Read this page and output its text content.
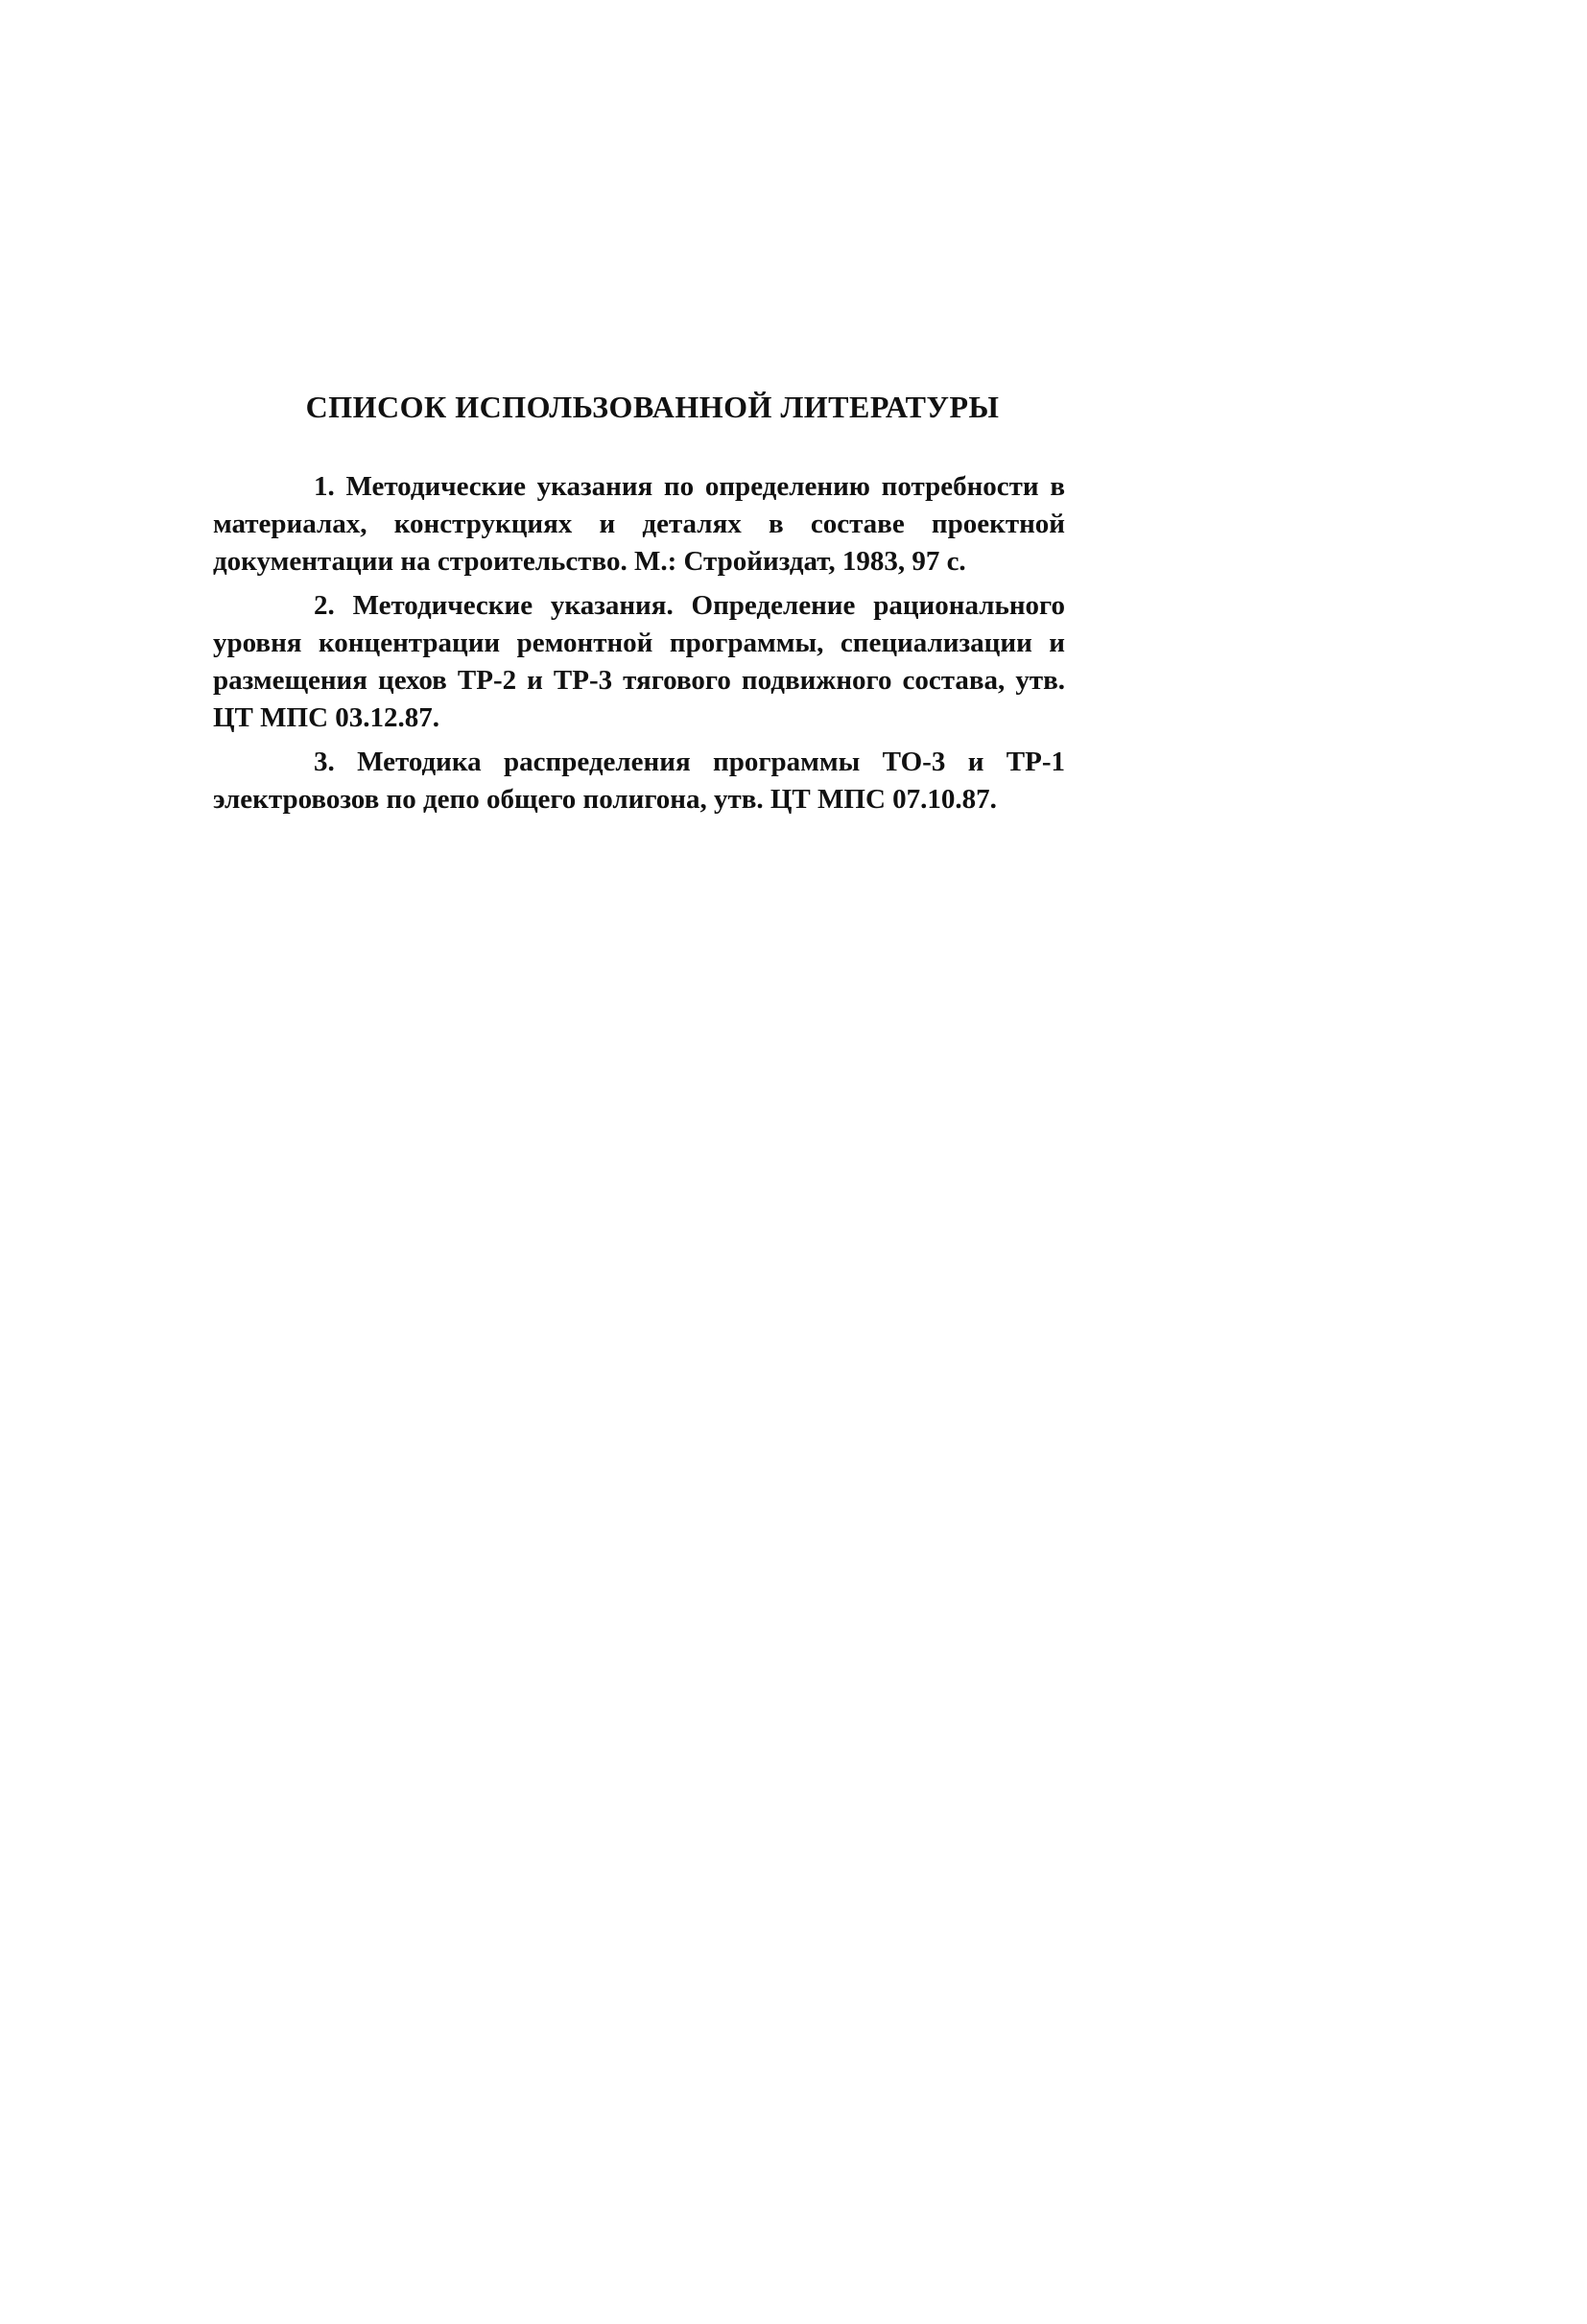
СПИСОК ИСПОЛЬЗОВАННОЙ ЛИТЕРАТУРЫ

1. Методические указания по определению потребности в материалах, конструкциях и деталях в составе проектной документации на строительство. М.: Стройиздат, 1983, 97 с.

2. Методические указания. Определение рационального уровня концентрации ремонтной программы, специализации и размещения цехов ТР-2 и ТР-3 тягового подвижного состава, утв. ЦТ МПС 03.12.87.

3. Методика распределения программы ТО-3 и ТР-1 электровозов по депо общего полигона, утв. ЦТ МПС 07.10.87.
